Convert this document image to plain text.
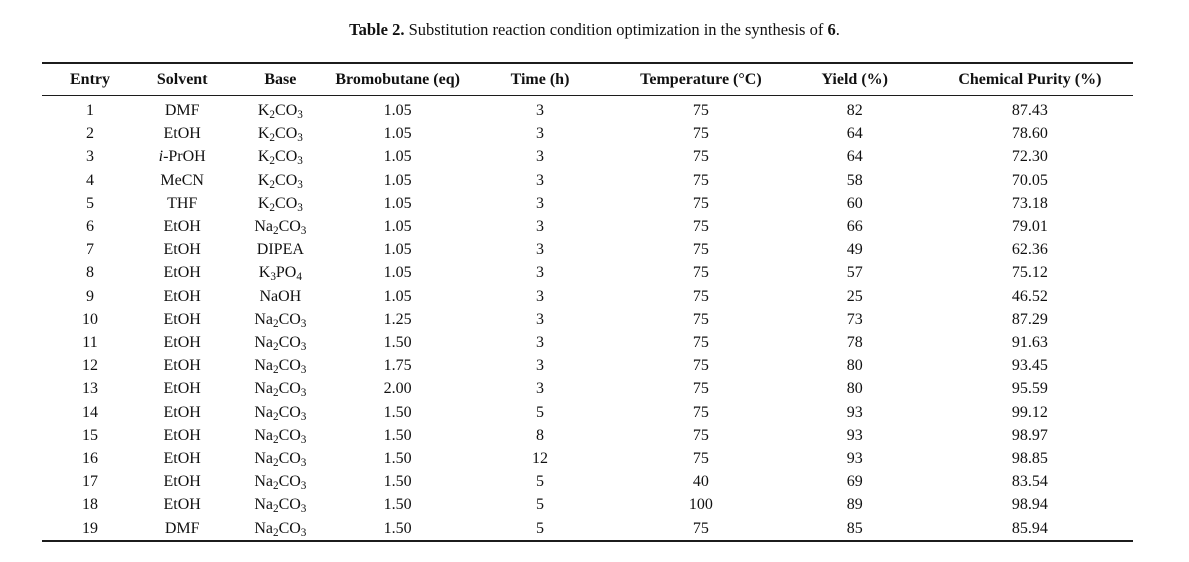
Table 2. Substitution reaction condition optimization in the synthesis of 6.
Entry	Solvent	Base	Bromobutane (eq)	Time (h)	Temperature (°C)	Yield (%)	Chemical Purity (%)
1	DMF	$K_2CO_3$	1.05	3	75	82	87.43
2	EtOH	$K_2CO_3$	1.05	3	75	64	78.60
3	i-PrOH	$K_2CO_3$	1.05	3	75	64	72.30
4	MeCN	$K_2CO_3$	1.05	3	75	58	70.05
5	THF	$K_2CO_3$	1.05	3	75	60	73.18
6	EtOH	$Na_2CO_3$	1.05	3	75	66	79.01
7	EtOH	DIPEA	1.05	3	75	49	62.36
8	EtOH	$K_3PO_4$	1.05	3	75	57	75.12
9	EtOH	NaOH	1.05	3	75	25	46.52
10	EtOH	$Na_2CO_3$	1.25	3	75	73	87.29
11	EtOH	$Na_2CO_3$	1.50	3	75	78	91.63
12	EtOH	$Na_2CO_3$	1.75	3	75	80	93.45
13	EtOH	$Na_2CO_3$	2.00	3	75	80	95.59
14	EtOH	$Na_2CO_3$	1.50	5	75	93	99.12
15	EtOH	$Na_2CO_3$	1.50	8	75	93	98.97
16	EtOH	$Na_2CO_3$	1.50	12	75	93	98.85
17	EtOH	$Na_2CO_3$	1.50	5	40	69	83.54
18	EtOH	$Na_2CO_3$	1.50	5	100	89	98.94
19	DMF	$Na_2CO_3$	1.50	5	75	85	85.94
